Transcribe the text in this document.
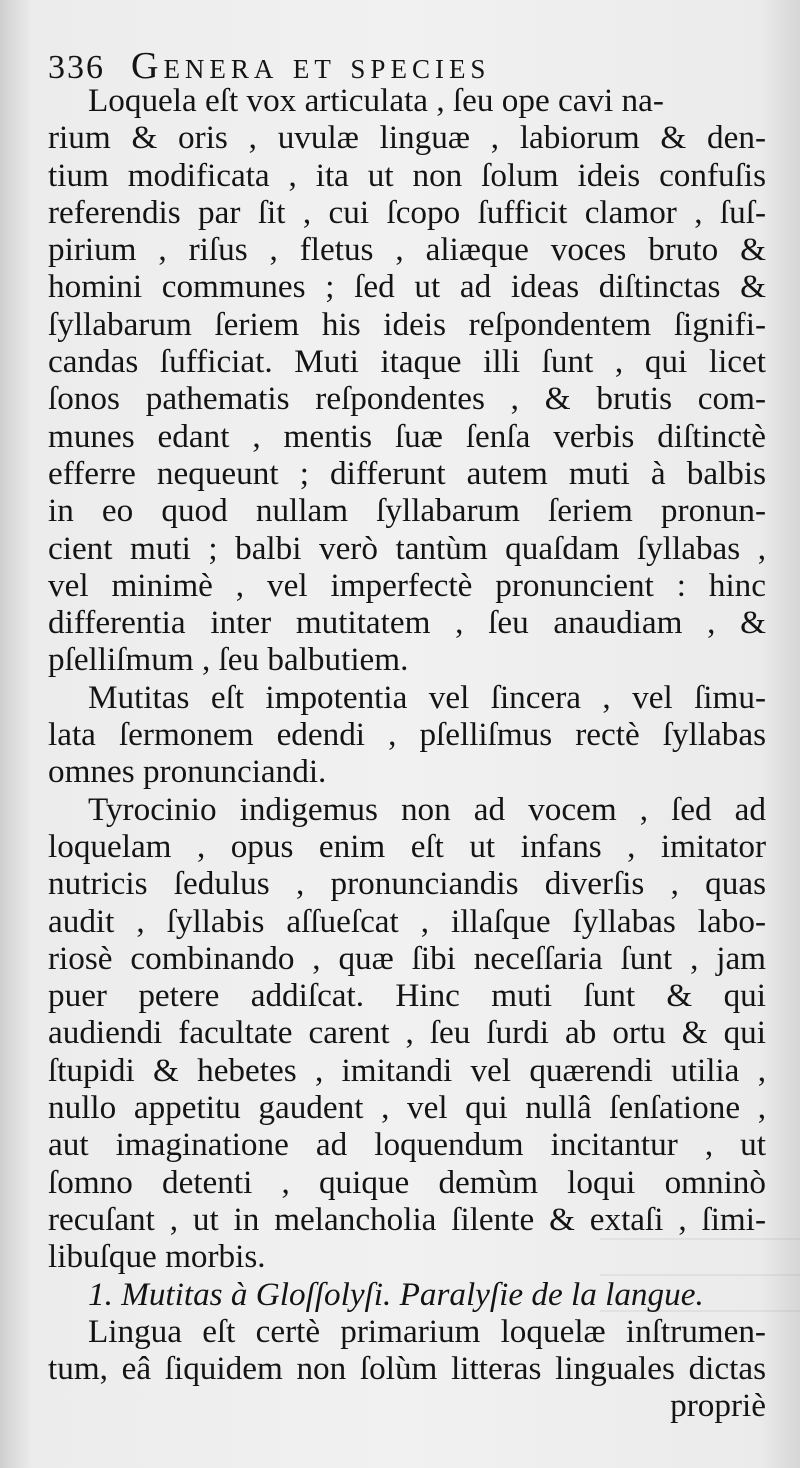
336 Genera et species
Loquela eſt vox articulata , ſeu ope cavi na-
rium & oris , uvulæ linguæ , labiorum & den-
tium modificata , ita ut non ſolum ideis confuſis
referendis par ſit , cui ſcopo ſufficit clamor , ſuſ-
pirium , riſus , fletus , aliæque voces bruto &
homini communes ; ſed ut ad ideas diſtinctas &
ſyllabarum ſeriem his ideis reſpondentem ſignifi-
candas ſufficiat. Muti itaque illi ſunt , qui licet
ſonos pathematis reſpondentes , & brutis com-
munes edant , mentis ſuæ ſenſa verbis diſtinctè
efferre nequeunt ; differunt autem muti à balbis
in eo quod nullam ſyllabarum ſeriem pronun-
cient muti ; balbi verò tantùm quaſdam ſyllabas ,
vel minimè , vel imperfectè pronuncient : hinc
differentia inter mutitatem , ſeu anaudiam , &
pſelliſmum , ſeu balbutiem.
Mutitas eſt impotentia vel ſincera , vel ſimu-
lata ſermonem edendi , pſelliſmus rectè ſyllabas
omnes pronunciandi.
Tyrocinio indigemus non ad vocem , ſed ad
loquelam , opus enim eſt ut infans , imitator
nutricis ſedulus , pronunciandis diverſis , quas
audit , ſyllabis aſſueſcat , illaſque ſyllabas labo-
riosè combinando , quæ ſibi neceſſaria ſunt , jam
puer petere addiſcat. Hinc muti ſunt & qui
audiendi facultate carent , ſeu ſurdi ab ortu & qui
ſtupidi & hebetes , imitandi vel quærendi utilia ,
nullo appetitu gaudent , vel qui nullâ ſenſatione ,
aut imaginatione ad loquendum incitantur , ut
ſomno detenti , quique demùm loqui omninò
recuſant , ut in melancholia ſilente & extaſi , ſimi-
libuſque morbis.
1. Mutitas à Gloſſolyſi. Paralyſie de la langue.
Lingua eſt certè primarium loquelæ inſtrumen-
tum, eâ ſiquidem non ſolùm litteras linguales dictas
propriè
